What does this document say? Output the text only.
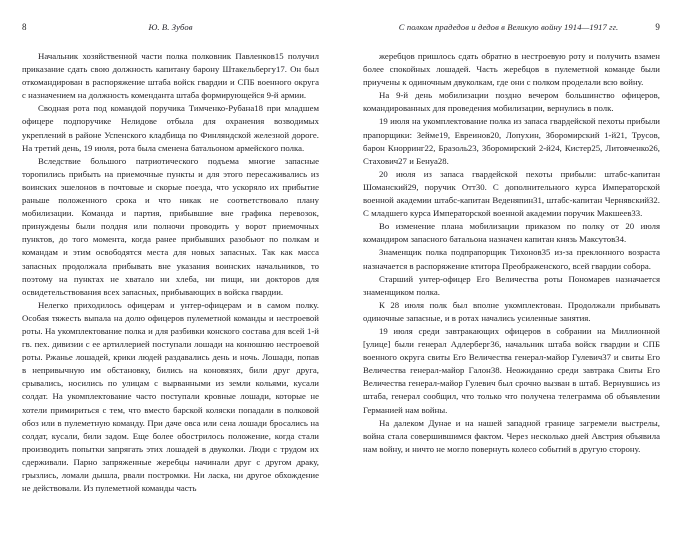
8	Ю. В. Зубов

Начальник хозяйственной части полка полковник Павленков15 получил приказание сдать свою должность капитану барону Штакельбергу17. Он был откомандирован в распоряжение штаба войск гвардии и СПБ военного округа с назначением на должность коменданта штаба формирующейся 9-й армии.

Сводная рота под командой поручика Тимченко-Рубана18 при младшем офицере подпоручике Нелидове отбыла для охранения возводимых укреплений в районе Успенского кладбища по Финляндской железной дороге. На третий день, 19 июля, рота была сменена батальоном армейского полка.

Вследствие большого патриотического подъема многие запасные торопились прибыть на приемочные пункты и для этого пересаживались из воинских эшелонов в почтовые и скорые поезда, что ускоряло их прибытие раньше положенного срока и что никак не соответствовало плану мобилизации. Команда и партия, прибывшие вне графика перевозок, принуждены были полдня или полночи проводить у ворот приемочных пунктов, до того момента, когда ранее прибывших разобьют по полкам и командам и этим освободятся места для новых запасных. Так как масса запасных продолжала прибывать вне указания воинских начальников, то поэтому на пунктах не хватало ни хлеба, ни пищи, ни докторов для освидетельствования всех запасных, прибывающих в войска гвардии.

Нелегко приходилось офицерам и унтер-офицерам и в самом полку. Особая тяжесть выпала на долю офицеров пулеметной команды и нестроевой роты. На укомплектование полка и для разбивки конского состава для всей 1-й гв. пех. дивизии с ее артиллерией поступали лошади на конюшню нестроевой роты. Ржанье лошадей, крики людей раздавались день и ночь. Лошади, попав в непривычную им обстановку, бились на коновязях, били друг друга, срывались, носились по улицам с вырванными из земли кольями, кусали солдат. На укомплектование часто поступали кровные лошади, которые не хотели примириться с тем, что вместо барской коляски попадали в полковой обоз или в пулеметную команду. При даче овса или сена лошади бросались на солдат, кусали, били задом. Еще более обострилось положение, когда стали производить попытки запрягать этих лошадей в двуколки. Люди с трудом их сдерживали. Парно запряженные жеребцы начинали друг с другом драку, грызлись, ломали дышла, рвали постромки. Ни ласка, ни другое обхождение не действовали. Из пулеметной команды часть

9
С полком прадедов и дедов в Великую войну 1914—1917 гг.

жеребцов пришлось сдать обратно в нестроевую роту и получить взамен более спокойных лошадей. Часть жеребцов в пулеметной команде были приучены к одиночным двуколкам, где они с полком проделали всю войну.

На 9-й день мобилизации поздно вечером большинство офицеров, командированных для проведения мобилизации, вернулись в полк.

19 июля на укомплектование полка из запаса гвардейской пехоты прибыли прапорщики: Зейме19, Евреинов20, Лопухин, Зборомирский 1-й21, Трусов, барон Кнорринг22, Бразоль23, Зборомирский 2-й24, Кистер25, Литовченко26, Стахович27 и Бенуа28.

20 июля из запаса гвардейской пехоты прибыли: штабс-капитан Шоманский29, поручик Отт30. С дополнительного курса Императорской военной академии штабс-капитан Веденяпин31, штабс-капитан Чернявский32. С младшего курса Императорской военной академии поручик Макшеев33.

Во изменение плана мобилизации приказом по полку от 20 июля командиром запасного батальона назначен капитан князь Максутов34.

Знаменщик полка подпрапорщик Тихонов35 из-за преклонного возраста назначается в распоряжение ктитора Преображенского, всей гвардии собора.

Старший унтер-офицер Его Величества роты Пономарев назначается знаменщиком полка.

К 28 июля полк был вполне укомплектован. Продолжали прибывать одиночные запасные, и в ротах начались усиленные занятия.

19 июля среди завтракающих офицеров в собрании на Миллионной [улице] были генерал Адлерберг36, начальник штаба войск гвардии и СПБ военного округа свиты Его Величества генерал-майор Гулевич37 и свиты Его Величества генерал-майор Галон38. Неожиданно среди завтрака Свиты Его Величества генерал-майор Гулевич был срочно вызван в штаб. Вернувшись из штаба, генерал сообщил, что только что получена телеграмма об объявлении Германией нам войны.

На далеком Дунае и на нашей западной границе загремели выстрелы, война стала совершившимся фактом. Через несколько дней Австрия объявила нам войну, и ничто не могло повернуть колесо событий в другую сторону.
